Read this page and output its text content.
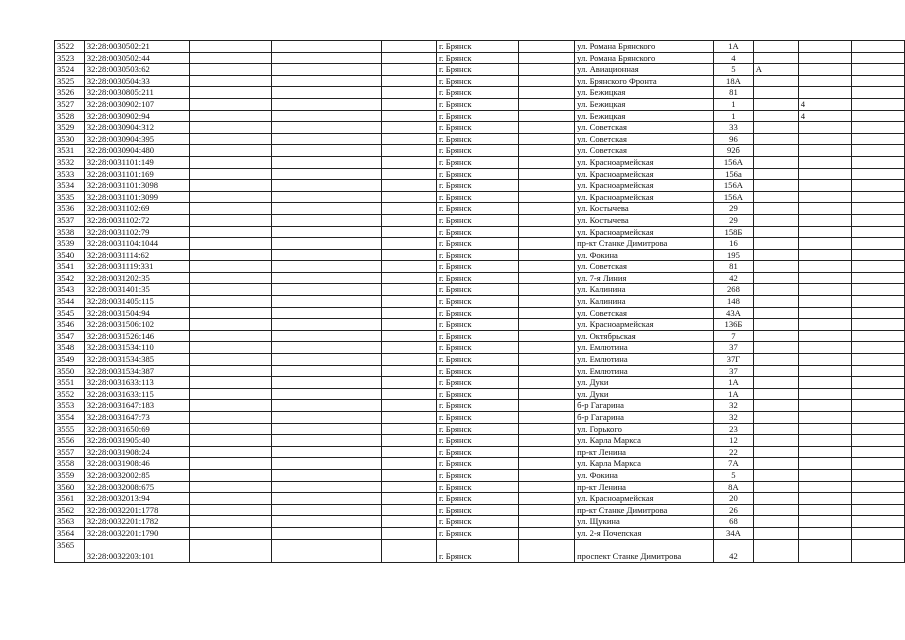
3522	32:28:0030502:21				г. Брянск		ул. Романа Брянского	1А			
3523	32:28:0030502:44				г. Брянск		ул. Романа Брянского	4			
3524	32:28:0030503:62				г. Брянск		ул. Авиационная	5	А		
3525	32:28:0030504:33				г. Брянск		ул. Брянского Фронта	18А			
3526	32:28:0030805:211				г. Брянск		ул. Бежицкая	81			
3527	32:28:0030902:107				г. Брянск		ул. Бежицкая	1		4	
3528	32:28:0030902:94				г. Брянск		ул. Бежицкая	1		4	
3529	32:28:0030904:312				г. Брянск		ул. Советская	33			
3530	32:28:0030904:395				г. Брянск		ул. Советская	96			
3531	32:28:0030904:480				г. Брянск		ул. Советская	92б			
3532	32:28:0031101:149				г. Брянск		ул. Красноармейская	156А			
3533	32:28:0031101:169				г. Брянск		ул. Красноармейская	156а			
3534	32:28:0031101:3098				г. Брянск		ул. Красноармейская	156А			
3535	32:28:0031101:3099				г. Брянск		ул. Красноармейская	156А			
3536	32:28:0031102:69				г. Брянск		ул. Костычева	29			
3537	32:28:0031102:72				г. Брянск		ул. Костычева	29			
3538	32:28:0031102:79				г. Брянск		ул. Красноармейская	158Б			
3539	32:28:0031104:1044				г. Брянск		пр-кт Станке Димитрова	16			
3540	32:28:0031114:62				г. Брянск		ул. Фокина	195			
3541	32:28:0031119:331				г. Брянск		ул. Советская	81			
3542	32:28:0031202:35				г. Брянск		ул. 7-я Линия	42			
3543	32:28:0031401:35				г. Брянск		ул. Калинина	268			
3544	32:28:0031405:115				г. Брянск		ул. Калинина	148			
3545	32:28:0031504:94				г. Брянск		ул. Советская	43А			
3546	32:28:0031506:102				г. Брянск		ул. Красноармейская	136Б			
3547	32:28:0031526:146				г. Брянск		ул. Октябрьская	7			
3548	32:28:0031534:110				г. Брянск		ул. Емлютина	37			
3549	32:28:0031534:385				г. Брянск		ул. Емлютина	37Г			
3550	32:28:0031534:387				г. Брянск		ул. Емлютина	37			
3551	32:28:0031633:113				г. Брянск		ул. Дуки	1А			
3552	32:28:0031633:115				г. Брянск		ул. Дуки	1А			
3553	32:28:0031647:183				г. Брянск		б-р Гагарина	32			
3554	32:28:0031647:73				г. Брянск		б-р Гагарина	32			
3555	32:28:0031650:69				г. Брянск		ул. Горького	23			
3556	32:28:0031905:40				г. Брянск		ул. Карла Маркса	12			
3557	32:28:0031908:24				г. Брянск		пр-кт Ленина	22			
3558	32:28:0031908:46				г. Брянск		ул. Карла Маркса	7А			
3559	32:28:0032002:85				г. Брянск		ул. Фокина	5			
3560	32:28:0032008:675				г. Брянск		пр-кт Ленина	8А			
3561	32:28:0032013:94				г. Брянск		ул. Красноармейская	20			
3562	32:28:0032201:1778				г. Брянск		пр-кт Станке Димитрова	26			
3563	32:28:0032201:1782				г. Брянск		ул. Щукина	68			
3564	32:28:0032201:1790				г. Брянск		ул. 2-я Почепская	34А			
3565	32:28:0032203:101				г. Брянск		проспект Станке Димитрова	42			
